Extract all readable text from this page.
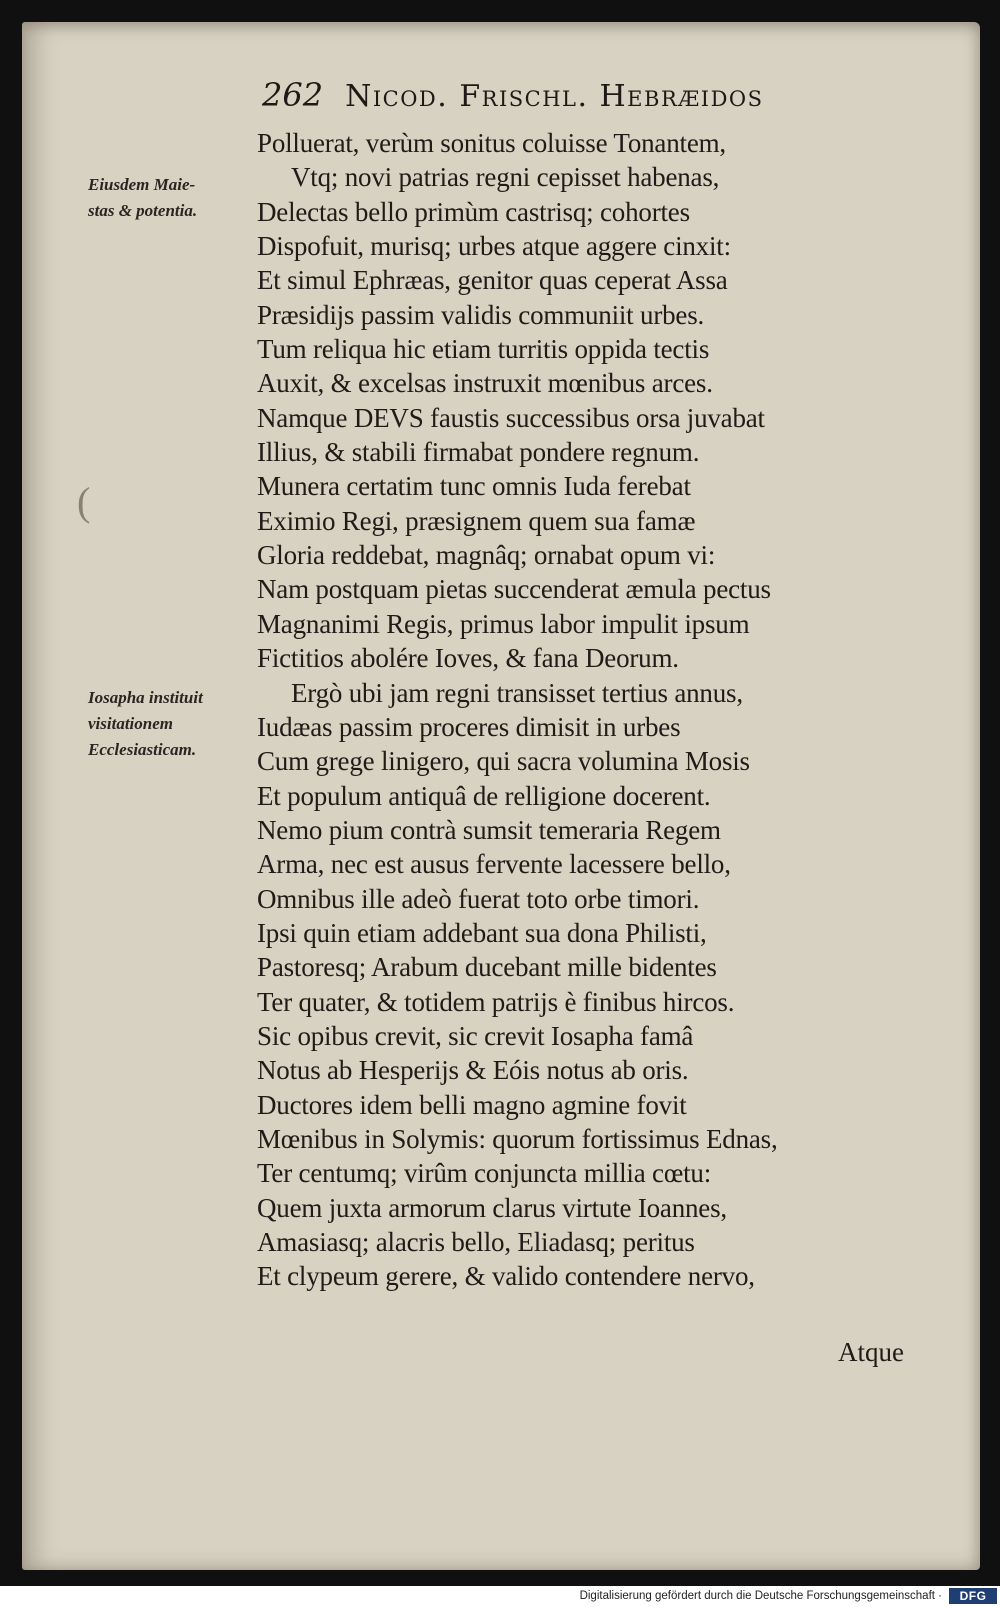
262 Nicod. Frischl. Hebræidos
Eiusdem Maie-
stas & potentia.
Iosapha instituit
visitationem
Ecclesiasticam.
(
Polluerat, verùm sonitus coluisse Tonantem,
Vtq; novi patrias regni cepisset habenas,
Delectas bello primùm castrisq; cohortes
Dispofuit, murisq; urbes atque aggere cinxit:
Et simul Ephræas, genitor quas ceperat Assa
Præsidijs passim validis communiit urbes.
Tum reliqua hic etiam turritis oppida tectis
Auxit, & excelsas instruxit mœnibus arces.
Namque DEVS faustis successibus orsa juvabat
Illius, & stabili firmabat pondere regnum.
Munera certatim tunc omnis Iuda ferebat
Eximio Regi, præsignem quem sua famæ
Gloria reddebat, magnâq; ornabat opum vi:
Nam postquam pietas succenderat æmula pectus
Magnanimi Regis, primus labor impulit ipsum
Fictitios abolére Ioves, & fana Deorum.
Ergò ubi jam regni transisset tertius annus,
Iudæas passim proceres dimisit in urbes
Cum grege linigero, qui sacra volumina Mosis
Et populum antiquâ de relligione docerent.
Nemo pium contrà sumsit temeraria Regem
Arma, nec est ausus fervente lacessere bello,
Omnibus ille adeò fuerat toto orbe timori.
Ipsi quin etiam addebant sua dona Philisti,
Pastoresq; Arabum ducebant mille bidentes
Ter quater, & totidem patrijs è finibus hircos.
Sic opibus crevit, sic crevit Iosapha famâ
Notus ab Hesperijs & Eóis notus ab oris.
Ductores idem belli magno agmine fovit
Mœnibus in Solymis: quorum fortissimus Ednas,
Ter centumq; virûm conjuncta millia cœtu:
Quem juxta armorum clarus virtute Ioannes,
Amasiasq; alacris bello, Eliadasq; peritus
Et clypeum gerere, & valido contendere nervo,
Atque
Digitalisierung gefördert durch die Deutsche Forschungsgemeinschaft ·	DFG
